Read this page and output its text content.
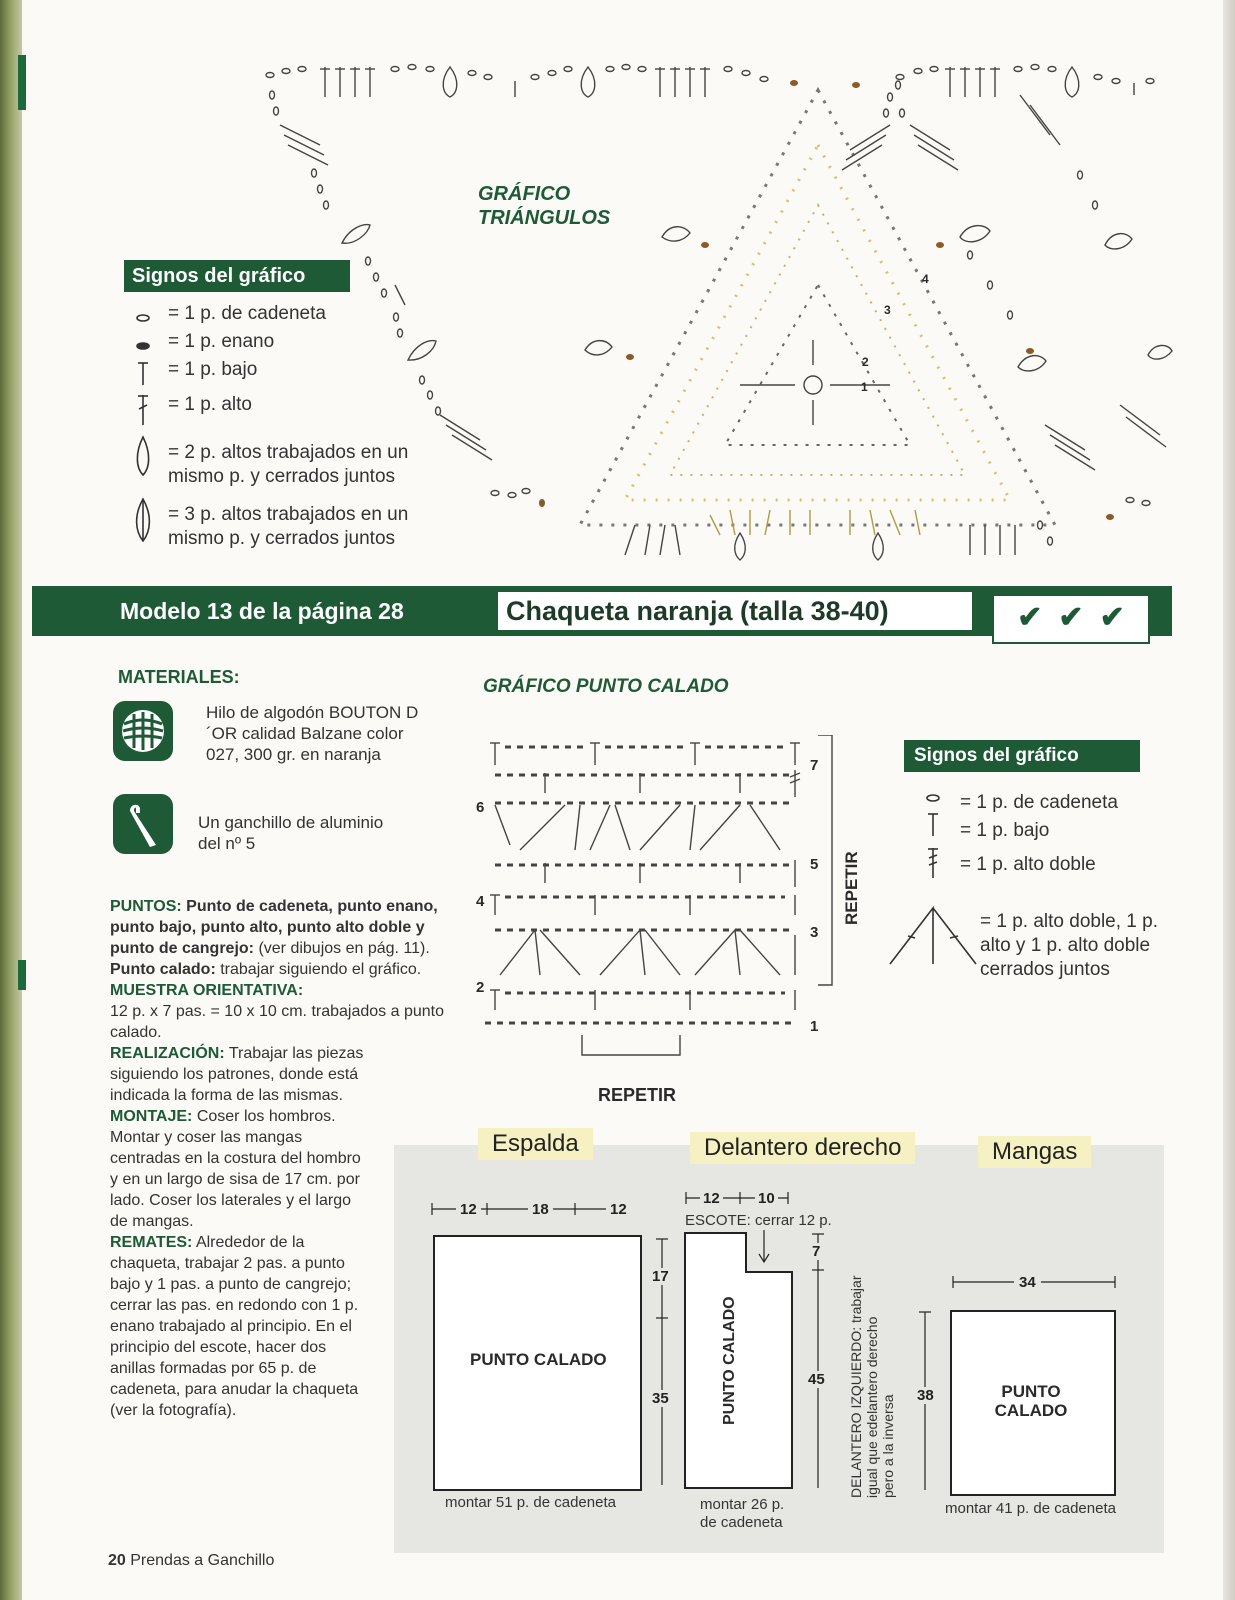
GRÁFICO
TRIÁNGULOS
1
2
3
4
Signos del gráfico
= 1 p. de cadeneta
= 1 p. enano
= 1 p. bajo
= 1 p. alto
= 2 p. altos trabajados en un mismo p. y cerrados juntos
= 3 p. altos trabajados en un mismo p. y cerrados juntos
Modelo 13 de la página 28	Chaqueta naranja (talla 38-40)	✔ ✔ ✔
MATERIALES:
Hilo de algodón BOUTON D´OR calidad Balzane color 027, 300 gr. en naranja
Un ganchillo de aluminio del nº 5
PUNTOS: Punto de cadeneta, punto enano, punto bajo, punto alto, punto alto doble y punto de cangrejo: (ver dibujos en pág. 11). Punto calado: trabajar siguiendo el gráfico.
MUESTRA ORIENTATIVA:
12 p. x 7 pas. = 10 x 10 cm. trabajados a punto calado.
REALIZACIÓN: Trabajar las piezas siguiendo los patrones, donde está indicada la forma de las mismas.
MONTAJE: Coser los hombros. Montar y coser las mangas centradas en la costura del hombro y en un largo de sisa de 17 cm. por lado. Coser los laterales y el largo de mangas.
REMATES: Alrededor de la chaqueta, trabajar 2 pas. a punto bajo y 1 pas. a punto de cangrejo; cerrar las pas. en redondo con 1 p. enano trabajado al principio. En el principio del escote, hacer dos anillas formadas por 65 p. de cadeneta, para anudar la chaqueta (ver la fotografía).
GRÁFICO PUNTO CALADO
7
6
5
4
3
2
1
REPETIR
REPETIR
Signos del gráfico
= 1 p. de cadeneta
= 1 p. bajo
= 1 p. alto doble
= 1 p. alto doble, 1 p. alto y 1 p. alto doble cerrados juntos
Espalda	Delantero derecho	Mangas
12	18	12
17
35
PUNTO CALADO
montar 51 p. de cadeneta
12	10
ESCOTE: cerrar 12 p.
7
45
PUNTO CALADO
montar 26 p.
de cadeneta
DELANTERO IZQUIERDO: trabajar igual que edelantero derecho pero a la inversa
34
38	PUNTO
CALADO
montar 41 p. de cadeneta
20 Prendas a Ganchillo
